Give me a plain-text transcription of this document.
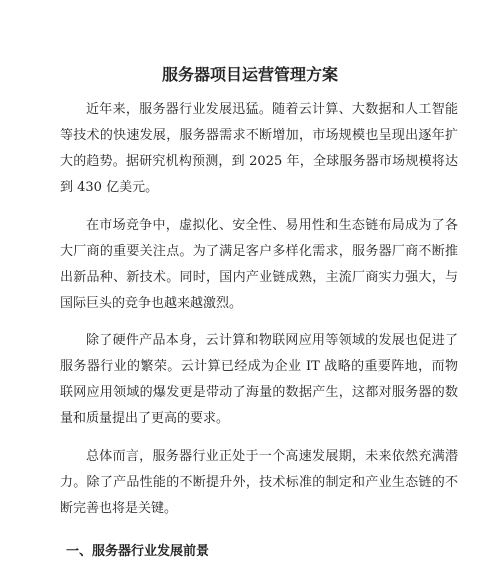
服务器项目运营管理方案

近年来，服务器行业发展迅猛。随着云计算、大数据和人工智能等技术的快速发展，服务器需求不断增加，市场规模也呈现出逐年扩大的趋势。据研究机构预测，到 2025 年，全球服务器市场规模将达到 430 亿美元。

在市场竞争中，虚拟化、安全性、易用性和生态链布局成为了各大厂商的重要关注点。为了满足客户多样化需求，服务器厂商不断推出新品种、新技术。同时，国内产业链成熟，主流厂商实力强大，与国际巨头的竞争也越来越激烈。

除了硬件产品本身，云计算和物联网应用等领域的发展也促进了服务器行业的繁荣。云计算已经成为企业 IT 战略的重要阵地，而物联网应用领域的爆发更是带动了海量的数据产生，这都对服务器的数量和质量提出了更高的要求。

总体而言，服务器行业正处于一个高速发展期，未来依然充满潜力。除了产品性能的不断提升外，技术标准的制定和产业生态链的不断完善也将是关键。

一、服务器行业发展前景
